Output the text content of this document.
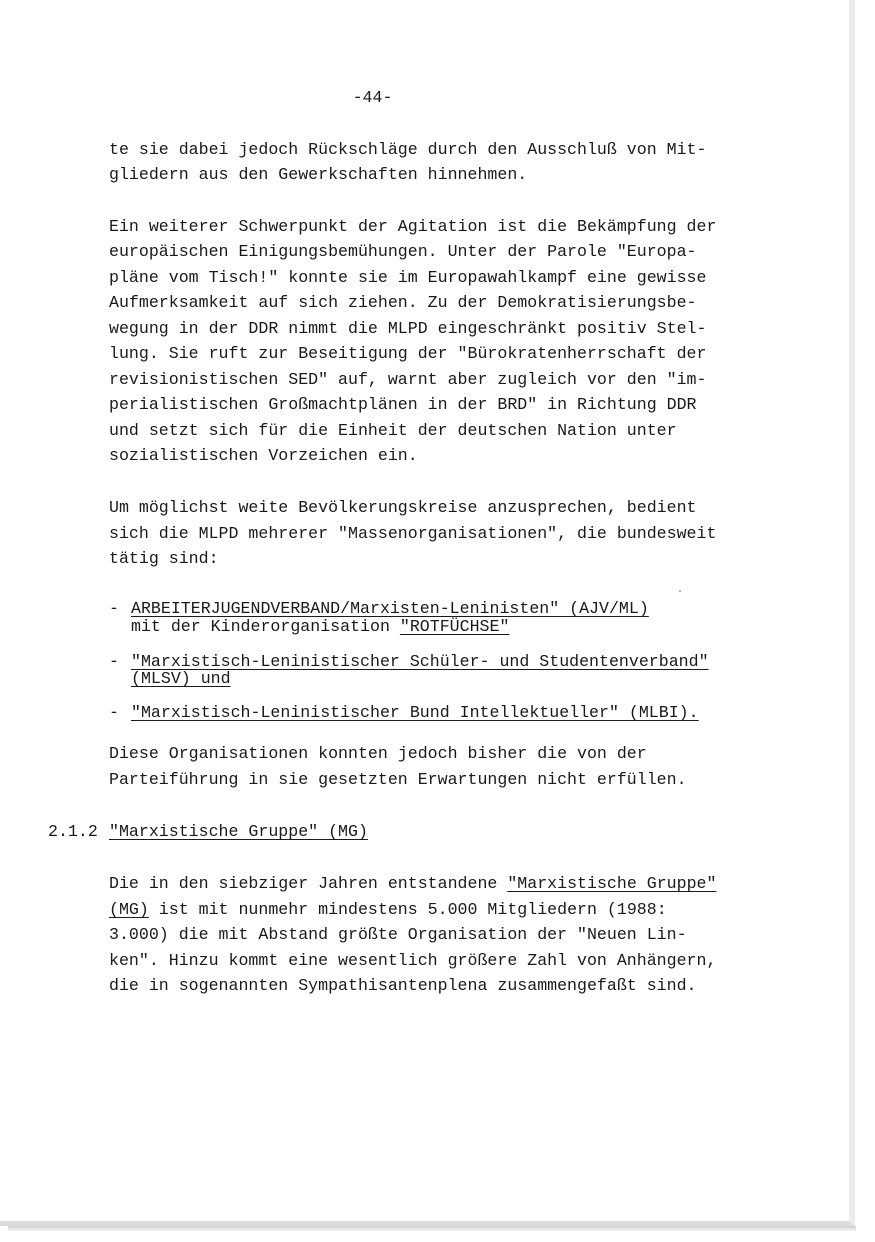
-44-
te sie dabei jedoch Rückschläge durch den Ausschluß von Mit-
gliedern aus den Gewerkschaften hinnehmen.
Ein weiterer Schwerpunkt der Agitation ist die Bekämpfung der
europäischen Einigungsbemühungen. Unter der Parole "Europa-
pläne vom Tisch!" konnte sie im Europawahlkampf eine gewisse
Aufmerksamkeit auf sich ziehen. Zu der Demokratisierungsbe-
wegung in der DDR nimmt die MLPD eingeschränkt positiv Stel-
lung. Sie ruft zur Beseitigung der "Bürokratenherrschaft der
revisionistischen SED" auf, warnt aber zugleich vor den "im-
perialistischen Großmachtplänen in der BRD" in Richtung DDR
und setzt sich für die Einheit der deutschen Nation unter
sozialistischen Vorzeichen ein.
Um möglichst weite Bevölkerungskreise anzusprechen, bedient
sich die MLPD mehrerer "Massenorganisationen", die bundesweit
tätig sind:
- ARBEITERJUGENDVERBAND/Marxisten-Leninisten" (AJV/ML)
mit der Kinderorganisation "ROTFÜCHSE"
- "Marxistisch-Leninistischer Schüler- und Studentenverband"
(MLSV) und
- "Marxistisch-Leninistischer Bund Intellektueller" (MLBI).
Diese Organisationen konnten jedoch bisher die von der
Parteiführung in sie gesetzten Erwartungen nicht erfüllen.
2.1.2 "Marxistische Gruppe" (MG)
Die in den siebziger Jahren entstandene "Marxistische Gruppe"
(MG) ist mit nunmehr mindestens 5.000 Mitgliedern (1988:
3.000) die mit Abstand größte Organisation der "Neuen Lin-
ken". Hinzu kommt eine wesentlich größere Zahl von Anhängern,
die in sogenannten Sympathisantenplena zusammengefaßt sind.
